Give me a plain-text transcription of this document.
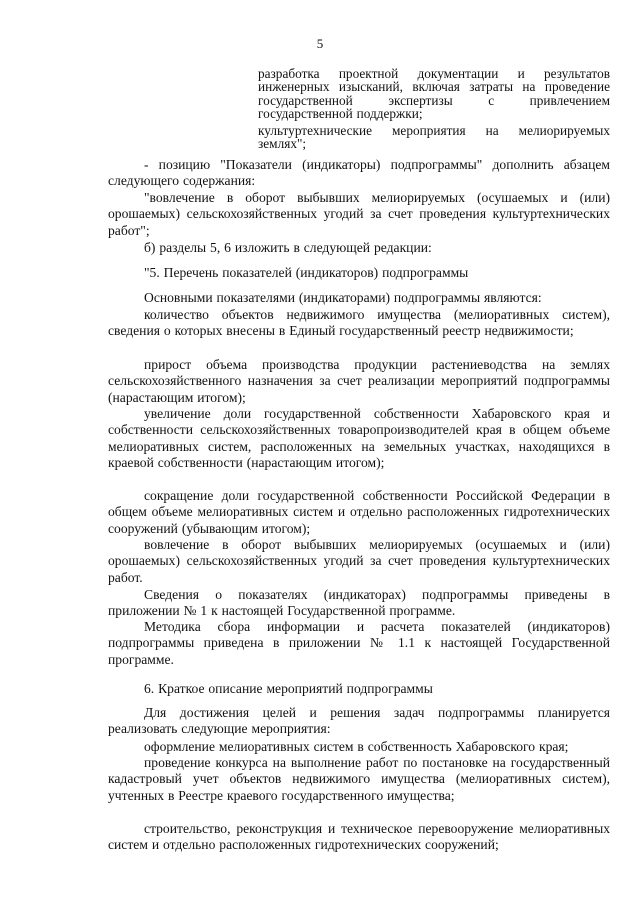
5

разработка проектной документации и результатов инженерных изысканий, включая затраты на проведение государственной экспертизы с привлечением государственной поддержки;

культуртехнические мероприятия на мелиорируемых землях";

- позицию "Показатели (индикаторы) подпрограммы" дополнить абзацем следующего содержания:

"вовлечение в оборот выбывших мелиорируемых (осушаемых и (или) орошаемых) сельскохозяйственных угодий за счет проведения культуртехнических работ";

б) разделы 5, 6 изложить в следующей редакции:

"5. Перечень показателей (индикаторов) подпрограммы

Основными показателями (индикаторами) подпрограммы являются:

количество объектов недвижимого имущества (мелиоративных систем), сведения о которых внесены в Единый государственный реестр недвижимости;

прирост объема производства продукции растениеводства на землях сельскохозяйственного назначения за счет реализации мероприятий подпрограммы (нарастающим итогом);

увеличение доли государственной собственности Хабаровского края и собственности сельскохозяйственных товаропроизводителей края в общем объеме мелиоративных систем, расположенных на земельных участках, находящихся в краевой собственности (нарастающим итогом);

сокращение доли государственной собственности Российской Федерации в общем объеме мелиоративных систем и отдельно расположенных гидротехнических сооружений (убывающим итогом);

вовлечение в оборот выбывших мелиорируемых (осушаемых и (или) орошаемых) сельскохозяйственных угодий за счет проведения культуртехнических работ.

Сведения о показателях (индикаторах) подпрограммы приведены в приложении № 1 к настоящей Государственной программе.

Методика сбора информации и расчета показателей (индикаторов) подпрограммы приведена в приложении № 1.1 к настоящей Государственной программе.

6. Краткое описание мероприятий подпрограммы

Для достижения целей и решения задач подпрограммы планируется реализовать следующие мероприятия:

оформление мелиоративных систем в собственность Хабаровского края;

проведение конкурса на выполнение работ по постановке на государственный кадастровый учет объектов недвижимого имущества (мелиоративных систем), учтенных в Реестре краевого государственного имущества;

строительство, реконструкция и техническое перевооружение мелиоративных систем и отдельно расположенных гидротехнических сооружений;
